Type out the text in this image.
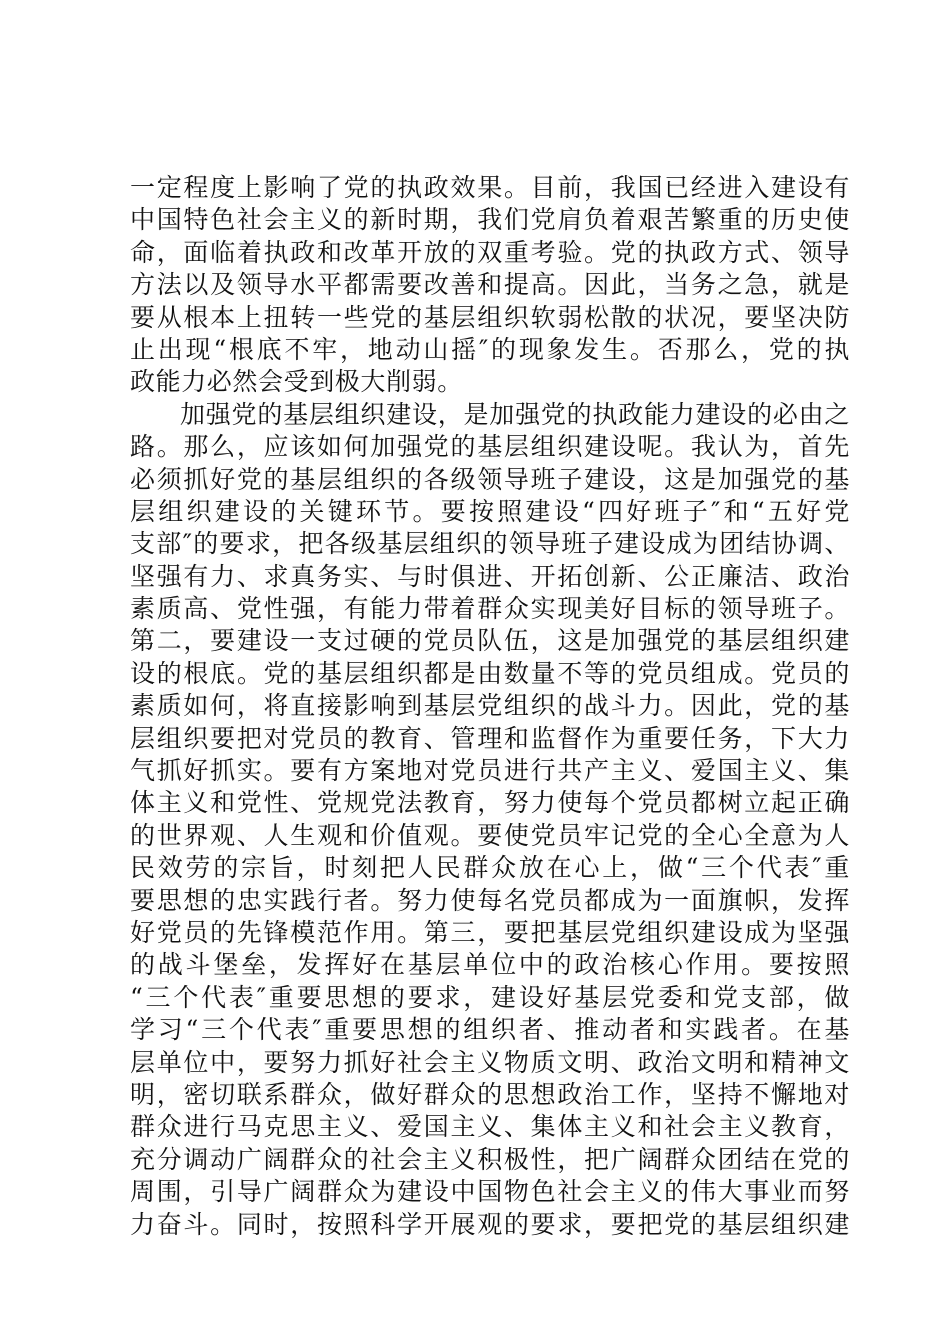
一定程度上影响了党的执政效果。目前，我国已经进入建设有
中国特色社会主义的新时期，我们党肩负着艰苦繁重的历史使
命，面临着执政和改革开放的双重考验。党的执政方式、领导
方法以及领导水平都需要改善和提高。因此，当务之急，就是
要从根本上扭转一些党的基层组织软弱松散的状况，要坚决防
止出现“根底不牢，地动山摇″的现象发生。否那么，党的执
政能力必然会受到极大削弱。
加强党的基层组织建设，是加强党的执政能力建设的必由之
路。那么，应该如何加强党的基层组织建设呢。我认为，首先
必须抓好党的基层组织的各级领导班子建设，这是加强党的基
层组织建设的关键环节。要按照建设“四好班子″和“五好党
支部″的要求，把各级基层组织的领导班子建设成为团结协调、
坚强有力、求真务实、与时俱进、开拓创新、公正廉洁、政治
素质高、党性强，有能力带着群众实现美好目标的领导班子。
第二，要建设一支过硬的党员队伍，这是加强党的基层组织建
设的根底。党的基层组织都是由数量不等的党员组成。党员的
素质如何，将直接影响到基层党组织的战斗力。因此，党的基
层组织要把对党员的教育、管理和监督作为重要任务，下大力
气抓好抓实。要有方案地对党员进行共产主义、爱国主义、集
体主义和党性、党规党法教育，努力使每个党员都树立起正确
的世界观、人生观和价值观。要使党员牢记党的全心全意为人
民效劳的宗旨，时刻把人民群众放在心上，做“三个代表″重
要思想的忠实践行者。努力使每名党员都成为一面旗帜，发挥
好党员的先锋模范作用。第三，要把基层党组织建设成为坚强
的战斗堡垒，发挥好在基层单位中的政治核心作用。要按照
“三个代表″重要思想的要求，建设好基层党委和党支部，做
学习“三个代表″重要思想的组织者、推动者和实践者。在基
层单位中，要努力抓好社会主义物质文明、政治文明和精神文
明，密切联系群众，做好群众的思想政治工作，坚持不懈地对
群众进行马克思主义、爱国主义、集体主义和社会主义教育，
充分调动广阔群众的社会主义积极性，把广阔群众团结在党的
周围，引导广阔群众为建设中国物色社会主义的伟大事业而努
力奋斗。同时，按照科学开展观的要求，要把党的基层组织建
